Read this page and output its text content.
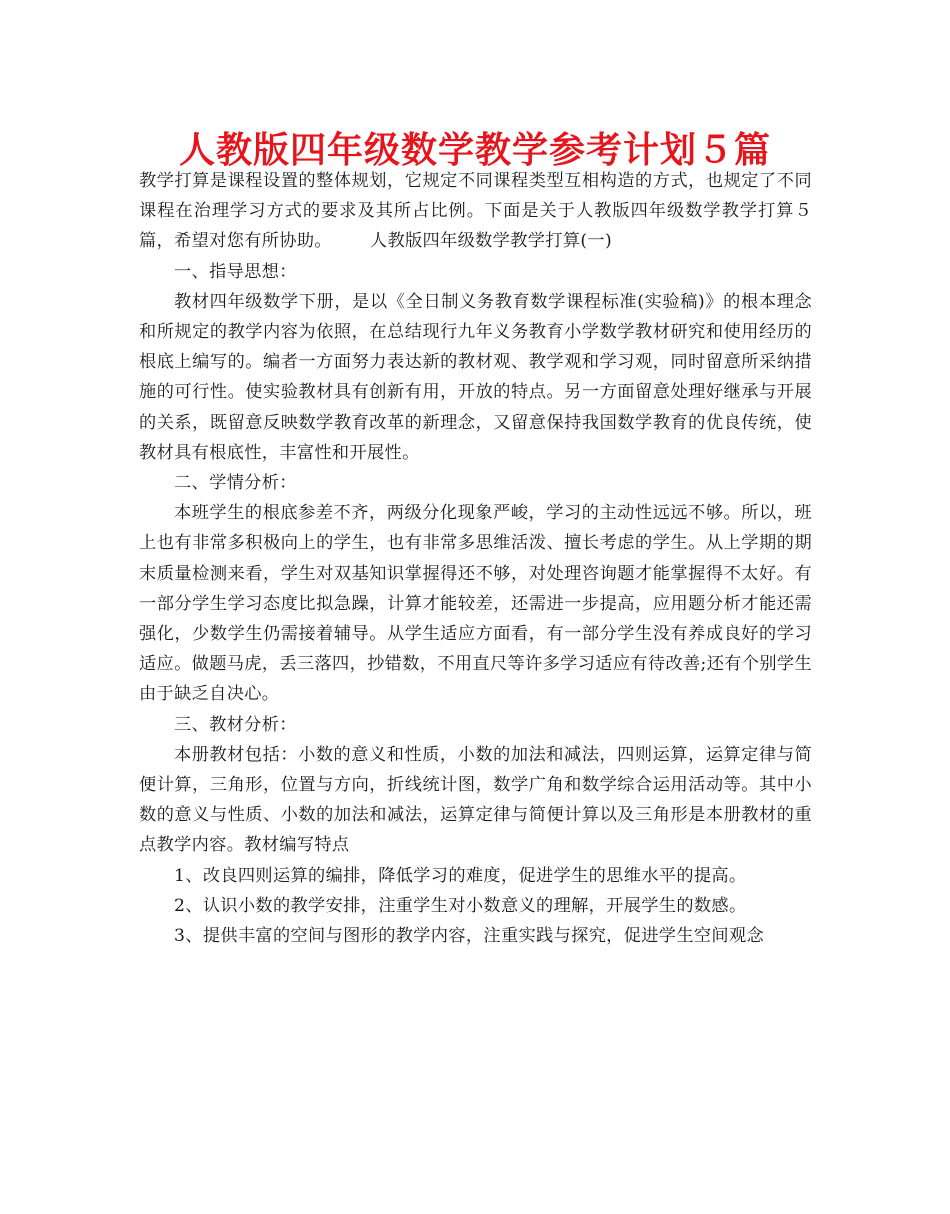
人教版四年级数学教学参考计划５篇

教学打算是课程设置的整体规划，它规定不同课程类型互相构造的方式，也规定了不同课程在治理学习方式的要求及其所占比例。下面是关于人教版四年级数学教学打算５篇，希望对您有所协助。 人教版四年级数学教学打算(一)

一、指导思想：

教材四年级数学下册，是以《全日制义务教育数学课程标准(实验稿)》的根本理念和所规定的教学内容为依照，在总结现行九年义务教育小学数学教材研究和使用经历的根底上编写的。编者一方面努力表达新的教材观、教学观和学习观，同时留意所采纳措施的可行性。使实验教材具有创新有用，开放的特点。另一方面留意处理好继承与开展的关系，既留意反映数学教育改革的新理念，又留意保持我国数学教育的优良传统，使教材具有根底性，丰富性和开展性。

二、学情分析：

本班学生的根底参差不齐，两级分化现象严峻，学习的主动性远远不够。所以，班上也有非常多积极向上的学生，也有非常多思维活泼、擅长考虑的学生。从上学期的期末质量检测来看，学生对双基知识掌握得还不够，对处理咨询题才能掌握得不太好。有一部分学生学习态度比拟急躁，计算才能较差，还需进一步提高，应用题分析才能还需强化，少数学生仍需接着辅导。从学生适应方面看，有一部分学生没有养成良好的学习适应。做题马虎，丢三落四，抄错数，不用直尺等许多学习适应有待改善;还有个别学生由于缺乏自决心。

三、教材分析：

本册教材包括：小数的意义和性质，小数的加法和减法，四则运算，运算定律与简便计算，三角形，位置与方向，折线统计图，数学广角和数学综合运用活动等。其中小数的意义与性质、小数的加法和减法，运算定律与简便计算以及三角形是本册教材的重点教学内容。教材编写特点

1、改良四则运算的编排，降低学习的难度，促进学生的思维水平的提高。

2、认识小数的教学安排，注重学生对小数意义的理解，开展学生的数感。

3、提供丰富的空间与图形的教学内容，注重实践与探究，促进学生空间观念
